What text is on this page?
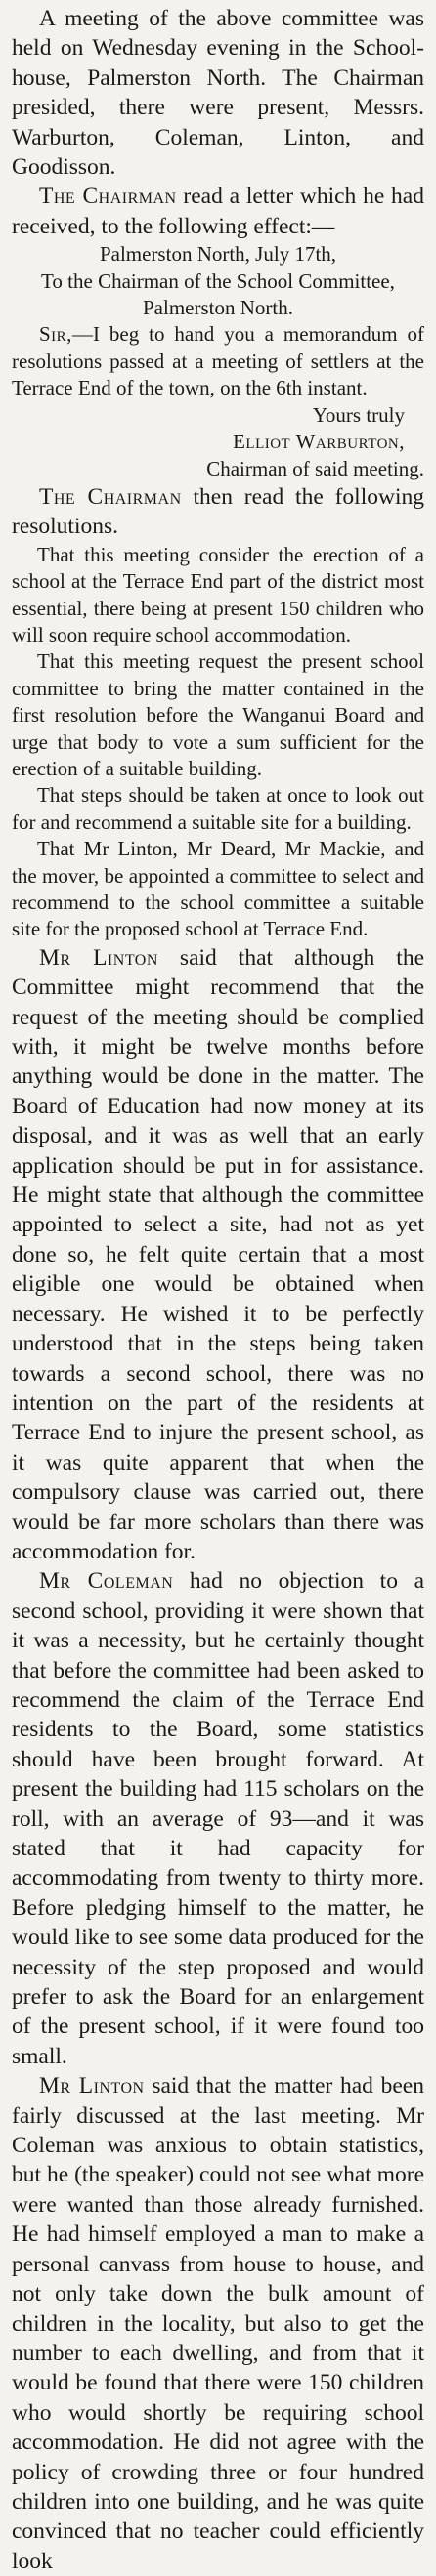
A meeting of the above committee was held on Wednesday evening in the School-house, Palmerston North. The Chairman presided, there were present, Messrs. Warburton, Coleman, Linton, and Goodisson.

The Chairman read a letter which he had received, to the following effect:—

Palmerston North, July 17th,

To the Chairman of the School Committee,

Palmerston North.

Sir,—I beg to hand you a memorandum of resolutions passed at a meeting of settlers at the Terrace End of the town, on the 6th instant.

Yours truly

Elliot Warburton,

Chairman of said meeting.

The Chairman then read the following resolutions.

That this meeting consider the erection of a school at the Terrace End part of the district most essential, there being at present 150 children who will soon require school accommodation.

That this meeting request the present school committee to bring the matter contained in the first resolution before the Wanganui Board and urge that body to vote a sum sufficient for the erection of a suitable building.

That steps should be taken at once to look out for and recommend a suitable site for a building.

That Mr Linton, Mr Deard, Mr Mackie, and the mover, be appointed a committee to select and recommend to the school committee a suitable site for the proposed school at Terrace End.

Mr Linton said that although the Committee might recommend that the request of the meeting should be complied with, it might be twelve months before anything would be done in the matter. The Board of Education had now money at its disposal, and it was as well that an early application should be put in for assistance. He might state that although the committee appointed to select a site, had not as yet done so, he felt quite certain that a most eligible one would be obtained when necessary. He wished it to be perfectly understood that in the steps being taken towards a second school, there was no intention on the part of the residents at Terrace End to injure the present school, as it was quite apparent that when the compulsory clause was carried out, there would be far more scholars than there was accommodation for.

Mr Coleman had no objection to a second school, providing it were shown that it was a necessity, but he certainly thought that before the committee had been asked to recommend the claim of the Terrace End residents to the Board, some statistics should have been brought forward. At present the building had 115 scholars on the roll, with an average of 93—and it was stated that it had capacity for accommodating from twenty to thirty more. Before pledging himself to the matter, he would like to see some data produced for the necessity of the step proposed and would prefer to ask the Board for an enlargement of the present school, if it were found too small.

Mr Linton said that the matter had been fairly discussed at the last meeting. Mr Coleman was anxious to obtain statistics, but he (the speaker) could not see what more were wanted than those already furnished. He had himself employed a man to make a personal canvass from house to house, and not only take down the bulk amount of children in the locality, but also to get the number to each dwelling, and from that it would be found that there were 150 children who would shortly be requiring school accommodation. He did not agree with the policy of crowding three or four hundred children into one building, and he was quite convinced that no teacher could efficiently look
